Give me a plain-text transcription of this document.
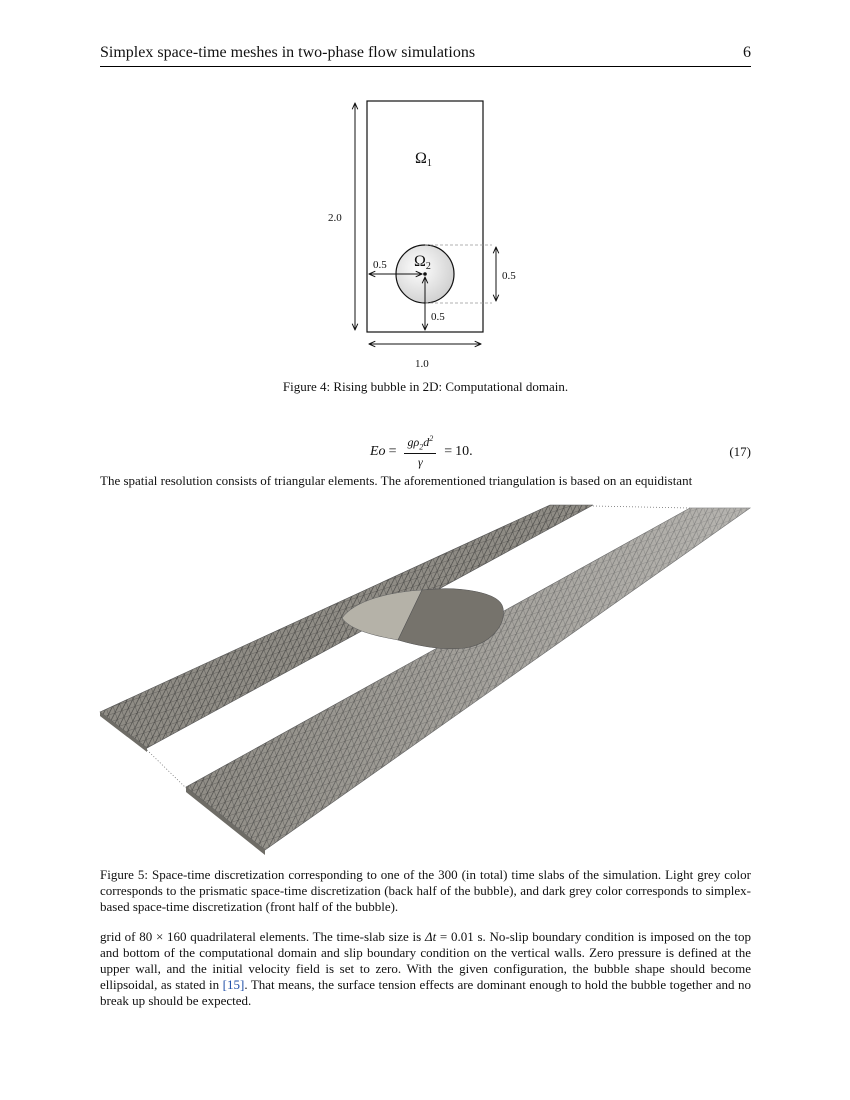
Simplex space-time meshes in two-phase flow simulations	6
Ω1
Ω2
2.0
1.0
0.5
0.5
0.5
Figure 4: Rising bubble in 2D: Computational domain.
$Eo = \frac{g\rho_2d^2}{\gamma} = 10$.	(17)
The spatial resolution consists of triangular elements. The aforementioned triangulation is based on an equidistant
Figure 5: Space-time discretization corresponding to one of the 300 (in total) time slabs of the simulation. Light grey color corresponds to the prismatic space-time discretization (back half of the bubble), and dark grey color corresponds to simplex-based space-time discretization (front half of the bubble).
grid of 80 × 160 quadrilateral elements. The time-slab size is Δt = 0.01 s. No-slip boundary condition is imposed on the top and bottom of the computational domain and slip boundary condition on the vertical walls. Zero pressure is defined at the upper wall, and the initial velocity field is set to zero. With the given configuration, the bubble shape should become ellipsoidal, as stated in [15]. That means, the surface tension effects are dominant enough to hold the bubble together and no break up should be expected.
